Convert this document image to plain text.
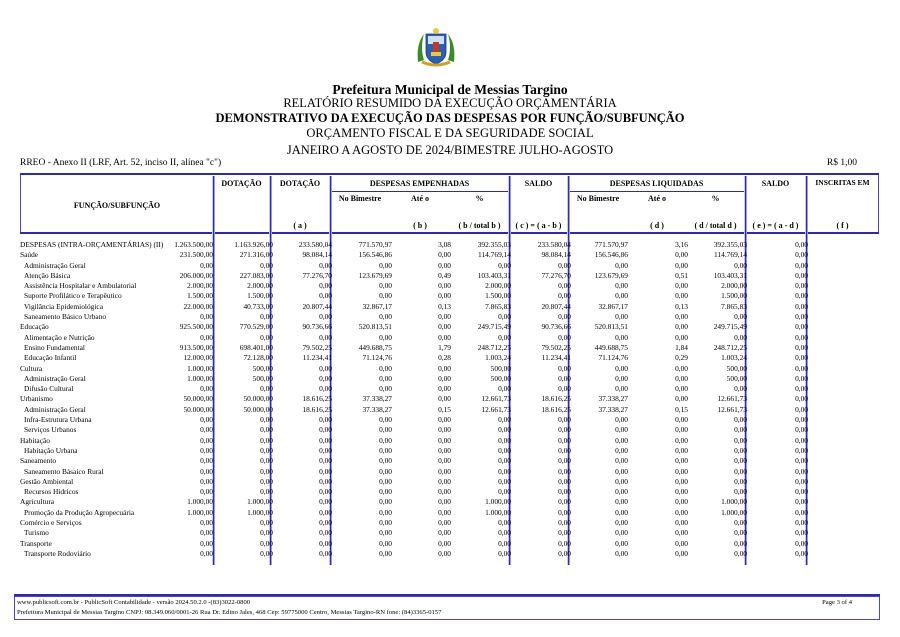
Prefeitura Municipal de Messias Targino
RELATÓRIO RESUMIDO DA EXECUÇÃO ORÇAMENTÁRIA
DEMONSTRATIVO DA EXECUÇÃO DAS DESPESAS POR FUNÇÃO/SUBFUNÇÃO
ORÇAMENTO FISCAL E DA SEGURIDADE SOCIAL
JANEIRO A AGOSTO DE 2024/BIMESTRE JULHO-AGOSTO
RREO - Anexo II (LRF, Art. 52, inciso II, alínea "c")	R$ 1,00
FUNÇÃO/SUBFUNÇÃO
DOTAÇÃO	DOTAÇÃO
( a )
DESPESAS EMPENHADAS
No Bimestre	Até o
( b )
%
( b / total b )
SALDO
( c ) = ( a - b )
DESPESAS LIQUIDADAS
No Bimestre	Até o
( d )
%
( d / total d )
SALDO
( e ) = ( a - d )
INSCRITAS EM
( f )
DESPESAS (INTRA-ORÇAMENTÁRIAS) (II)	1.263.500,00	1.163.926,00	233.580,04	771.570,97	3,08	392.355,03	233.580,04	771.570,97	3,16	392.355,03	0,00
Saúde	231.500,00	271.316,00	98.084,14	156.546,86	0,00	114.769,14	98.084,14	156.546,86	0,00	114.769,14	0,00
Administração Geral	0,00	0,00	0,00	0,00	0,00	0,00	0,00	0,00	0,00	0,00	0,00
Atenção Básica	206.000,00	227.083,00	77.276,70	123.679,69	0,49	103.403,31	77.276,70	123.679,69	0,51	103.403,31	0,00
Assistência Hospitalar e Ambulatorial	2.000,00	2.000,00	0,00	0,00	0,00	2.000,00	0,00	0,00	0,00	2.000,00	0,00
Suporte Profilático e Terapêutico	1.500,00	1.500,00	0,00	0,00	0,00	1.500,00	0,00	0,00	0,00	1.500,00	0,00
Vigilância Epidemiológica	22.000,00	40.733,00	20.807,44	32.867,17	0,13	7.865,83	20.807,44	32.867,17	0,13	7.865,83	0,00
Saneamento Básico Urbano	0,00	0,00	0,00	0,00	0,00	0,00	0,00	0,00	0,00	0,00	0,00
Educação	925.500,00	770.529,00	90.736,66	520.813,51	0,00	249.715,49	90.736,66	520.813,51	0,00	249.715,49	0,00
Alimentação e Nutrição	0,00	0,00	0,00	0,00	0,00	0,00	0,00	0,00	0,00	0,00	0,00
Ensino Fundamental	913.500,00	698.401,00	79.502,25	449.688,75	1,79	248.712,25	79.502,25	449.688,75	1,84	248.712,25	0,00
Educação Infantil	12.000,00	72.128,00	11.234,41	71.124,76	0,28	1.003,24	11.234,41	71.124,76	0,29	1.003,24	0,00
Cultura	1.000,00	500,00	0,00	0,00	0,00	500,00	0,00	0,00	0,00	500,00	0,00
Administração Geral	1.000,00	500,00	0,00	0,00	0,00	500,00	0,00	0,00	0,00	500,00	0,00
Difusão Cultural	0,00	0,00	0,00	0,00	0,00	0,00	0,00	0,00	0,00	0,00	0,00
Urbanismo	50.000,00	50.000,00	18.616,25	37.338,27	0,00	12.661,73	18.616,25	37.338,27	0,00	12.661,73	0,00
Administração Geral	50.000,00	50.000,00	18.616,25	37.338,27	0,15	12.661,73	18.616,25	37.338,27	0,15	12.661,73	0,00
Infra-Estrutura Urbana	0,00	0,00	0,00	0,00	0,00	0,00	0,00	0,00	0,00	0,00	0,00
Serviços Urbanos	0,00	0,00	0,00	0,00	0,00	0,00	0,00	0,00	0,00	0,00	0,00
Habitação	0,00	0,00	0,00	0,00	0,00	0,00	0,00	0,00	0,00	0,00	0,00
Habitação Urbana	0,00	0,00	0,00	0,00	0,00	0,00	0,00	0,00	0,00	0,00	0,00
Saneamento	0,00	0,00	0,00	0,00	0,00	0,00	0,00	0,00	0,00	0,00	0,00
Saneamento Básaico Rural	0,00	0,00	0,00	0,00	0,00	0,00	0,00	0,00	0,00	0,00	0,00
Gestão Ambiental	0,00	0,00	0,00	0,00	0,00	0,00	0,00	0,00	0,00	0,00	0,00
Recursos Hídricos	0,00	0,00	0,00	0,00	0,00	0,00	0,00	0,00	0,00	0,00	0,00
Agricultura	1.000,00	1.000,00	0,00	0,00	0,00	1.000,00	0,00	0,00	0,00	1.000,00	0,00
Promoção da Produção Agropecuária	1.000,00	1.000,00	0,00	0,00	0,00	1.000,00	0,00	0,00	0,00	1.000,00	0,00
Comércio e Serviços	0,00	0,00	0,00	0,00	0,00	0,00	0,00	0,00	0,00	0,00	0,00
Turismo	0,00	0,00	0,00	0,00	0,00	0,00	0,00	0,00	0,00	0,00	0,00
Transporte	0,00	0,00	0,00	0,00	0,00	0,00	0,00	0,00	0,00	0,00	0,00
Transporte Rodoviário	0,00	0,00	0,00	0,00	0,00	0,00	0,00	0,00	0,00	0,00	0,00
www.publicsoft.com.br - PublicSoft Contabilidade - versão 2024.50.2.0 -(83)3022-0800
Prefeitura Municipal de Messias Targino CNPJ: 08.349.060/0001-26 Rua Dr. Edino Jales, 468 Cep: 59775000 Centro, Messias Targino-RN fone: (84)3365-0157
Page 3 of 4
